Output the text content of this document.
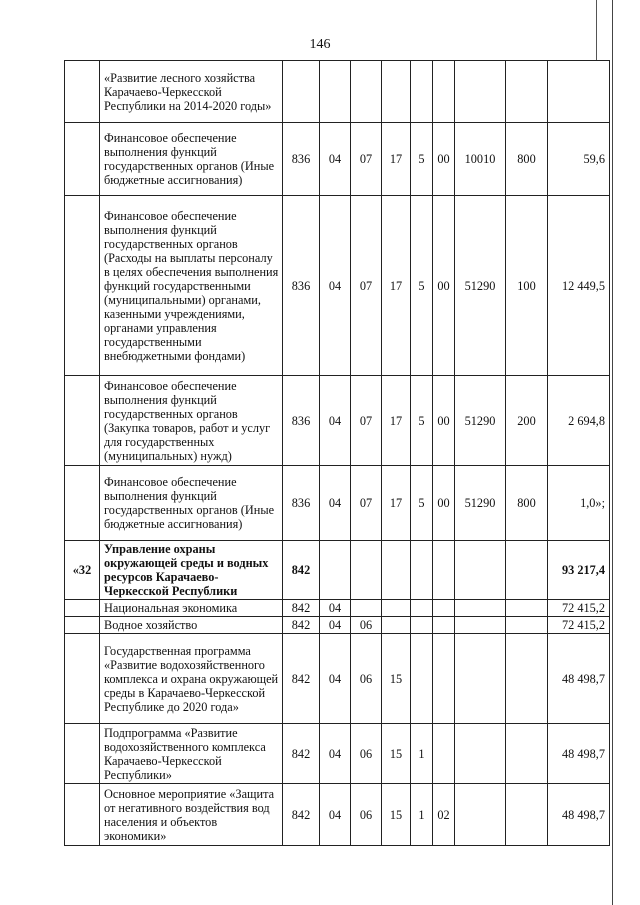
146
	«Развитие лесного хозяйства Карачаево-Черкесской Республики на 2014-2020 годы»									
	Финансовое обеспечение выполнения функций государственных органов (Иные бюджетные ассигнования)	836	04	07	17	5	00	10010	800	59,6
	Финансовое обеспечение выполнения функций государственных органов (Расходы на выплаты персоналу в целях обеспечения выполнения функций государственными (муниципальными) органами, казенными учреждениями, органами управления государственными внебюджетными фондами)	836	04	07	17	5	00	51290	100	12 449,5
	Финансовое обеспечение выполнения функций государственных органов (Закупка товаров, работ и услуг для государственных (муниципальных) нужд)	836	04	07	17	5	00	51290	200	2 694,8
	Финансовое обеспечение выполнения функций государственных органов (Иные бюджетные ассигнования)	836	04	07	17	5	00	51290	800	1,0»;
«32	Управление охраны окружающей среды и водных ресурсов Карачаево-Черкесской Республики	842								93 217,4
	Национальная экономика	842	04							72 415,2
	Водное хозяйство	842	04	06						72 415,2
	Государственная программа «Развитие водохозяйственного комплекса и охрана окружающей среды в Карачаево-Черкесской Республике до 2020 года»	842	04	06	15					48 498,7
	Подпрограмма «Развитие водохозяйственного комплекса Карачаево-Черкесской Республики»	842	04	06	15	1				48 498,7
	Основное мероприятие «Защита от негативного воздействия вод населения и объектов экономики»	842	04	06	15	1	02			48 498,7
